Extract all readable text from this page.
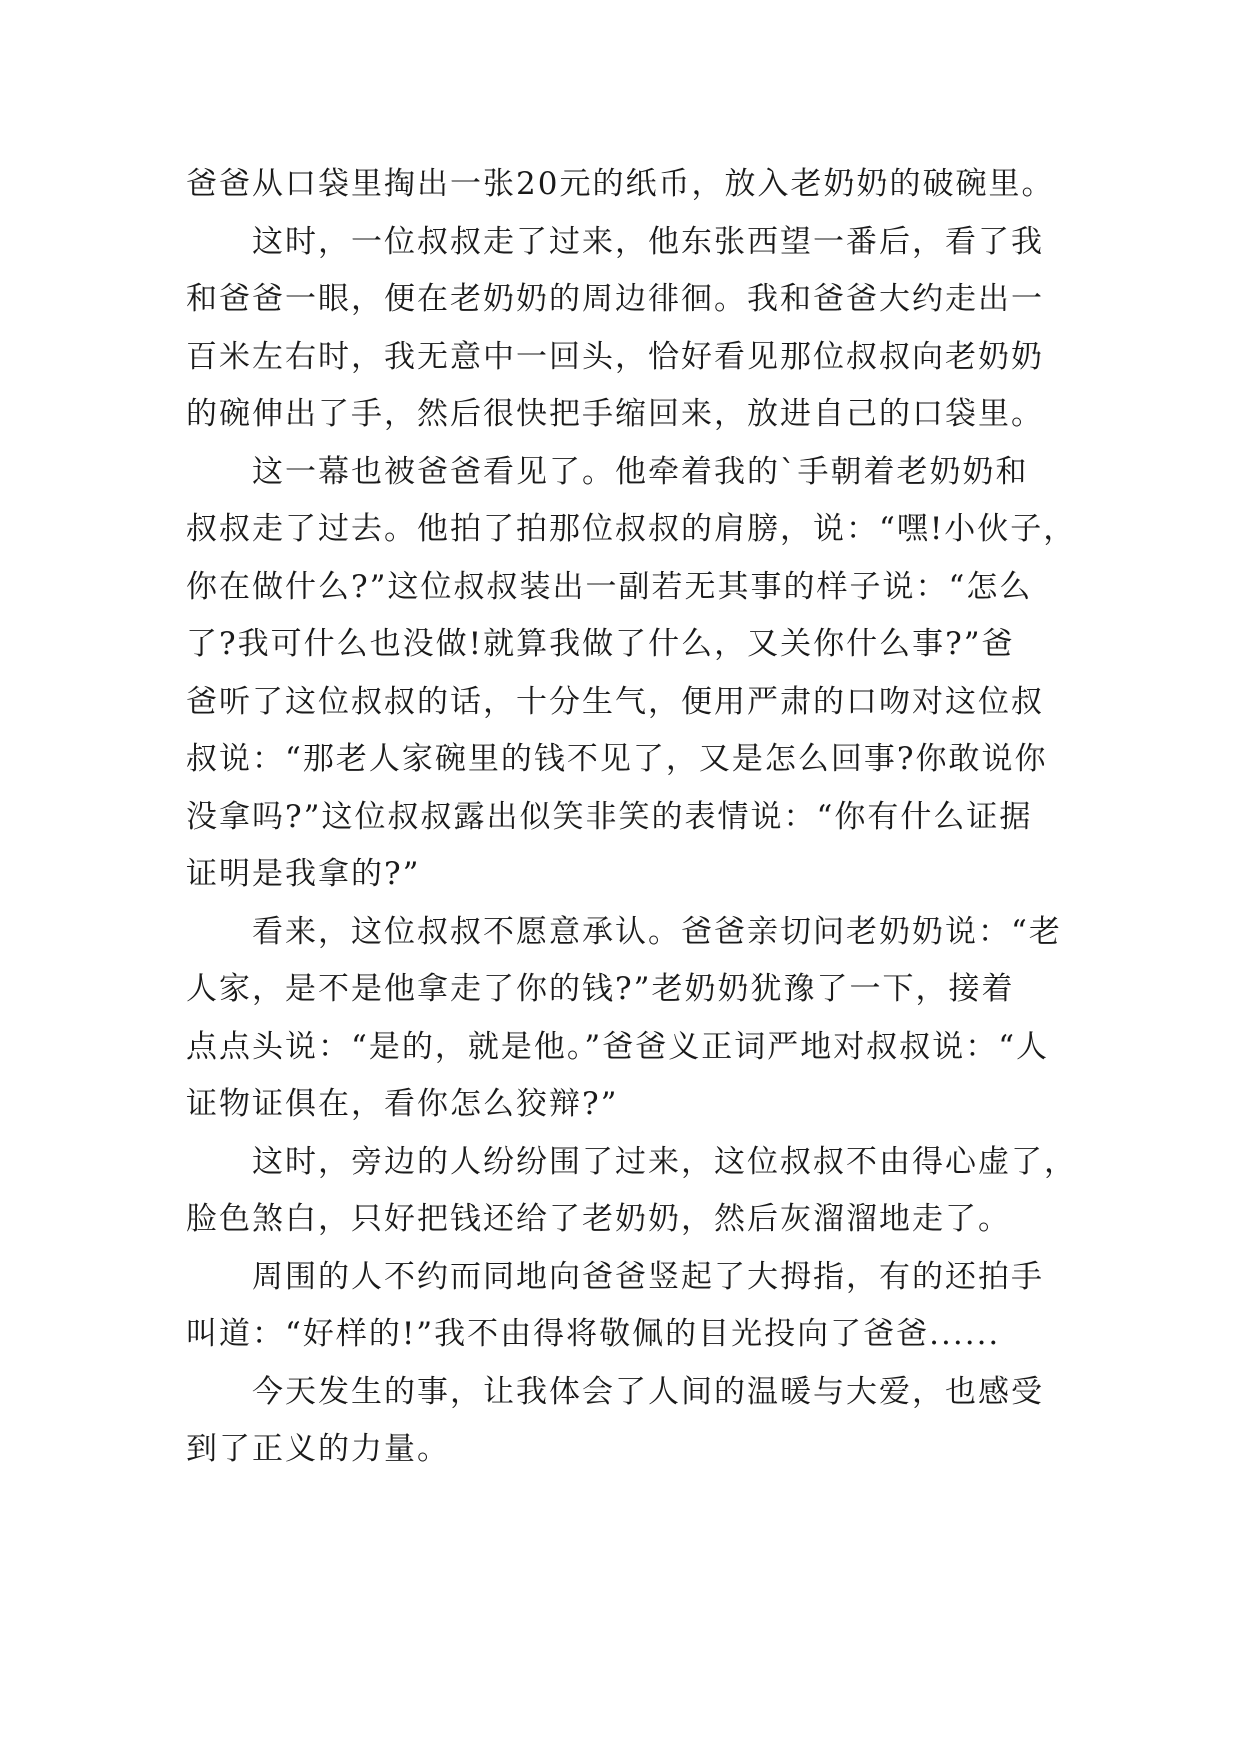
爸爸从口袋里掏出一张20元的纸币，放入老奶奶的破碗里。
这时，一位叔叔走了过来，他东张西望一番后，看了我
和爸爸一眼，便在老奶奶的周边徘徊。我和爸爸大约走出一
百米左右时，我无意中一回头，恰好看见那位叔叔向老奶奶
的碗伸出了手，然后很快把手缩回来，放进自己的口袋里。
这一幕也被爸爸看见了。他牵着我的`手朝着老奶奶和
叔叔走了过去。他拍了拍那位叔叔的肩膀，说：“嘿!小伙子，
你在做什么?”这位叔叔装出一副若无其事的样子说：“怎么
了?我可什么也没做!就算我做了什么，又关你什么事?”爸
爸听了这位叔叔的话，十分生气，便用严肃的口吻对这位叔
叔说：“那老人家碗里的钱不见了，又是怎么回事?你敢说你
没拿吗?”这位叔叔露出似笑非笑的表情说：“你有什么证据
证明是我拿的?”
看来，这位叔叔不愿意承认。爸爸亲切问老奶奶说：“老
人家，是不是他拿走了你的钱?”老奶奶犹豫了一下，接着
点点头说：“是的，就是他。”爸爸义正词严地对叔叔说：“人
证物证俱在，看你怎么狡辩?”
这时，旁边的人纷纷围了过来，这位叔叔不由得心虚了，
脸色煞白，只好把钱还给了老奶奶，然后灰溜溜地走了。
周围的人不约而同地向爸爸竖起了大拇指，有的还拍手
叫道：“好样的!”我不由得将敬佩的目光投向了爸爸......
今天发生的事，让我体会了人间的温暖与大爱，也感受
到了正义的力量。
